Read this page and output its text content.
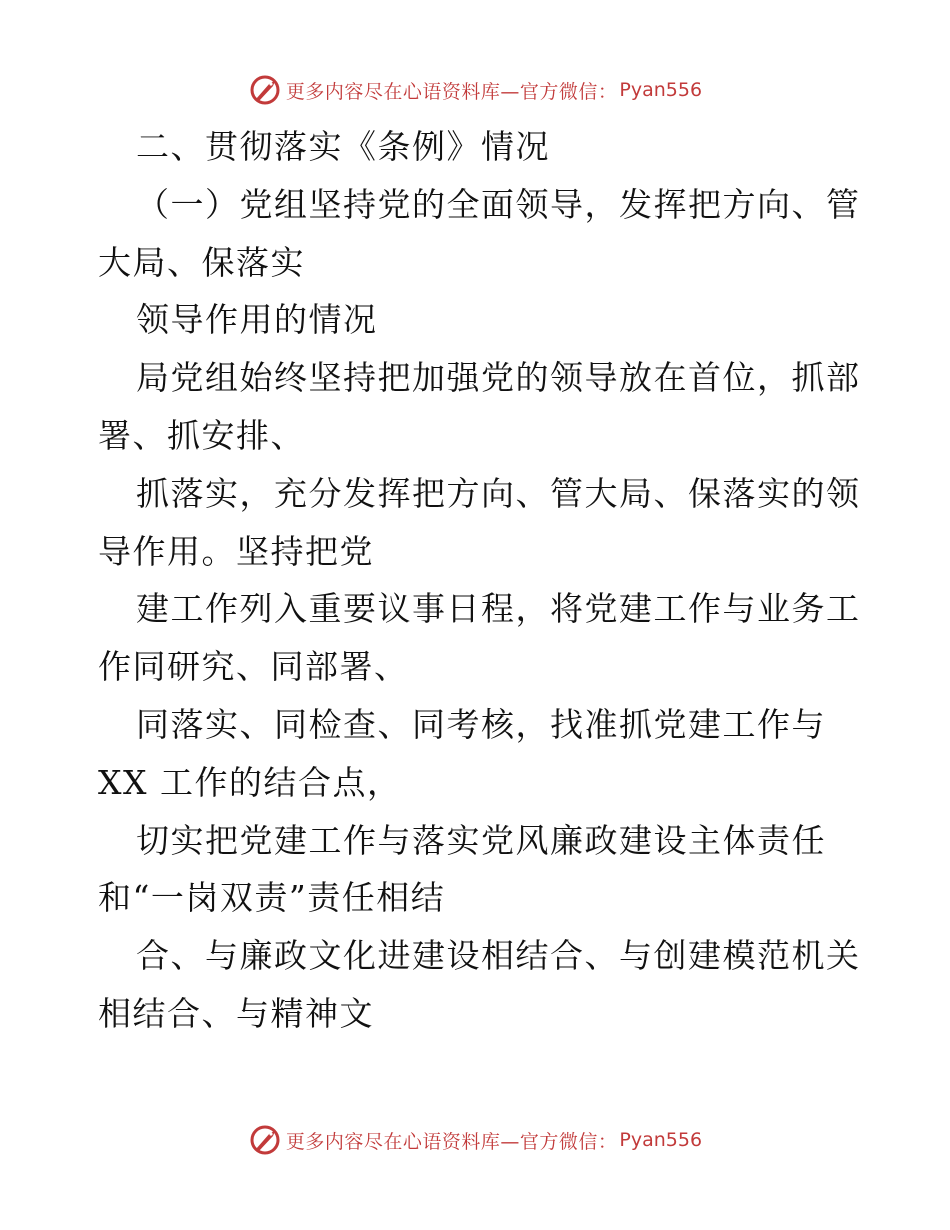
更多内容尽在心语资料库—官方微信： Pyan556
二、贯彻落实《条例》情况
（一）党组坚持党的全面领导，发挥把方向、管
大局、保落实
领导作用的情况
局党组始终坚持把加强党的领导放在首位，抓部
署、抓安排、
抓落实，充分发挥把方向、管大局、保落实的领
导作用。坚持把党
建工作列入重要议事日程，将党建工作与业务工
作同研究、同部署、
同落实、同检查、同考核，找准抓党建工作与
XX 工作的结合点，
切实把党建工作与落实党风廉政建设主体责任
和“一岗双责”责任相结
合、与廉政文化进建设相结合、与创建模范机关
相结合、与精神文
更多内容尽在心语资料库—官方微信： Pyan556
